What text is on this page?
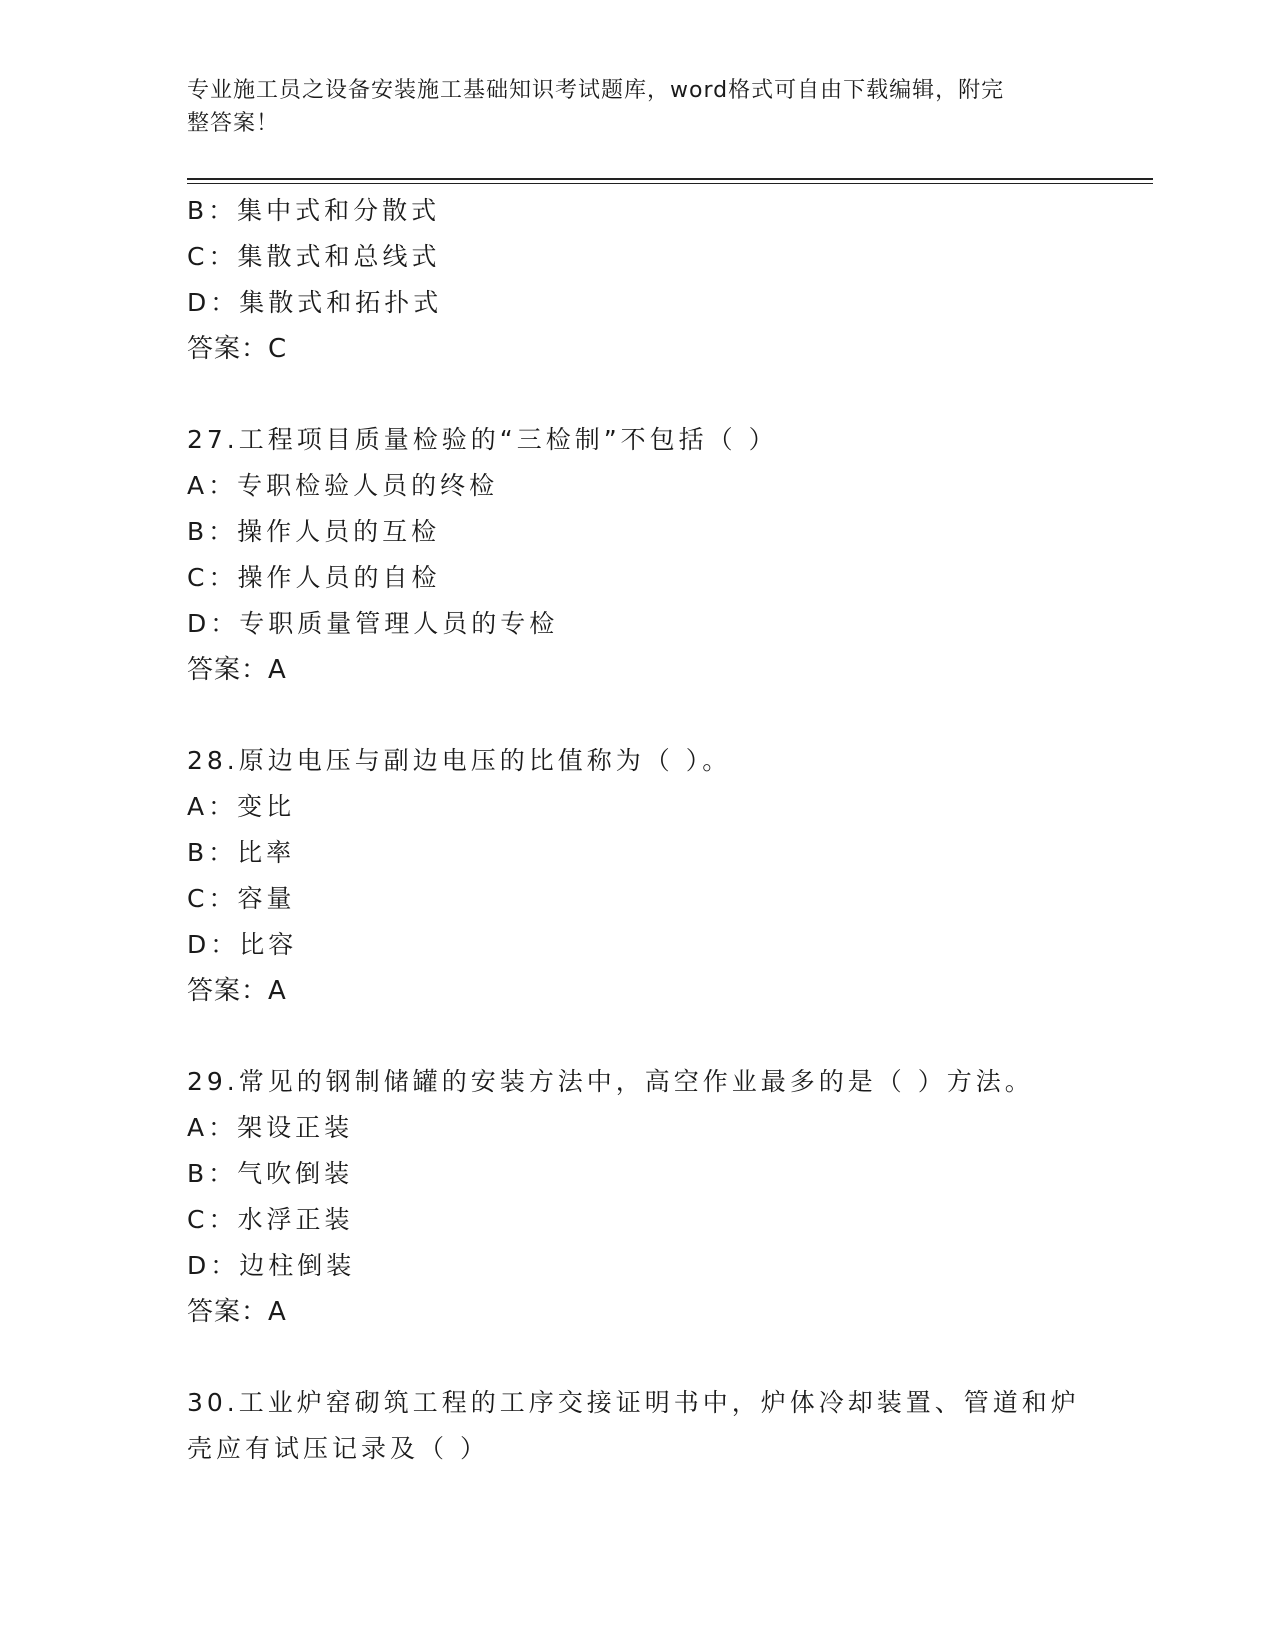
专业施工员之设备安装施工基础知识考试题库，word格式可自由下载编辑，附完
整答案！
B：集中式和分散式
C：集散式和总线式
D：集散式和拓扑式
答案：C
27.工程项目质量检验的“三检制”不包括（ ）
A：专职检验人员的终检
B：操作人员的互检
C：操作人员的自检
D：专职质量管理人员的专检
答案：A
28.原边电压与副边电压的比值称为（ ）。
A：变比
B：比率
C：容量
D：比容
答案：A
29.常见的钢制储罐的安装方法中，高空作业最多的是（ ）方法。
A：架设正装
B：气吹倒装
C：水浮正装
D：边柱倒装
答案：A
30.工业炉窑砌筑工程的工序交接证明书中，炉体冷却装置、管道和炉
壳应有试压记录及（ ）
